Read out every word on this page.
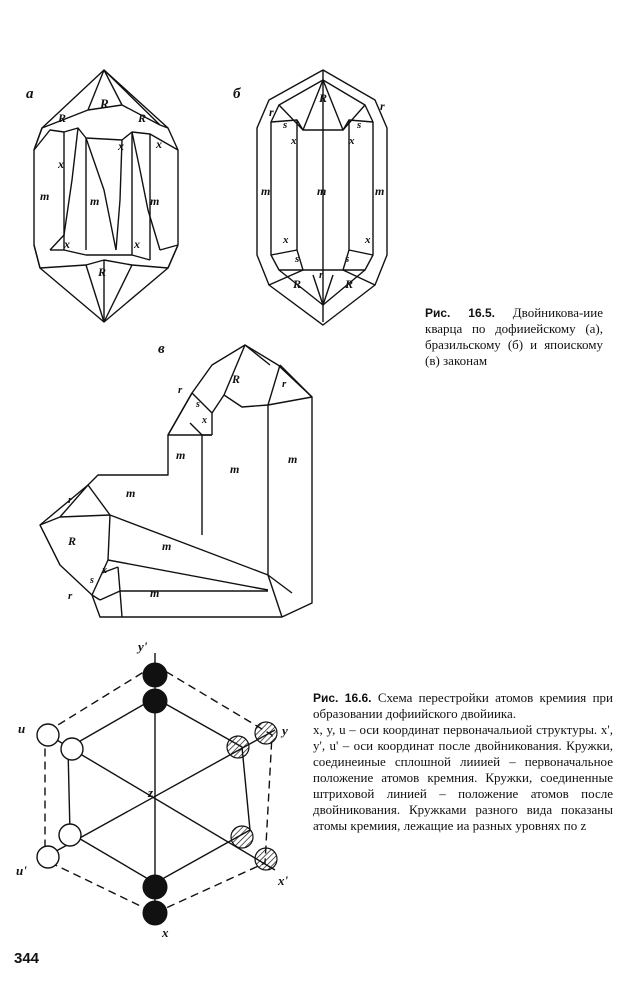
а
R
R	R
x
x	x
m	m	m
x	x
R
б	R
r	r
s	s
x	x
m	m	m
x	x
s	s
r
R	R
Рис. 16.5. Двойникова-иие кварца по дофииейскому (а), бразильскому (б) и япоиcкому (в) законам
в
R
r	r
s
x
m
m
m
r	m
R	m
x
s
r	m
y'
y
u
u'
x'
x
z
Рис. 16.6. Схема перестройки атомов кремиия при образовании дофиийского двойиика.
x, y, u – оси координат первоначальиой структуры. x', y', u' – оси координат после двойникования. Кружки, соединеиные сплошной лииией – первоначальное положение атомов кремния. Кружки, соединенные штриховой линией – положение атомов после двойникования. Кружками разного вида показаны атомы кремиия, лежащие иа разных уровнях по z
344
